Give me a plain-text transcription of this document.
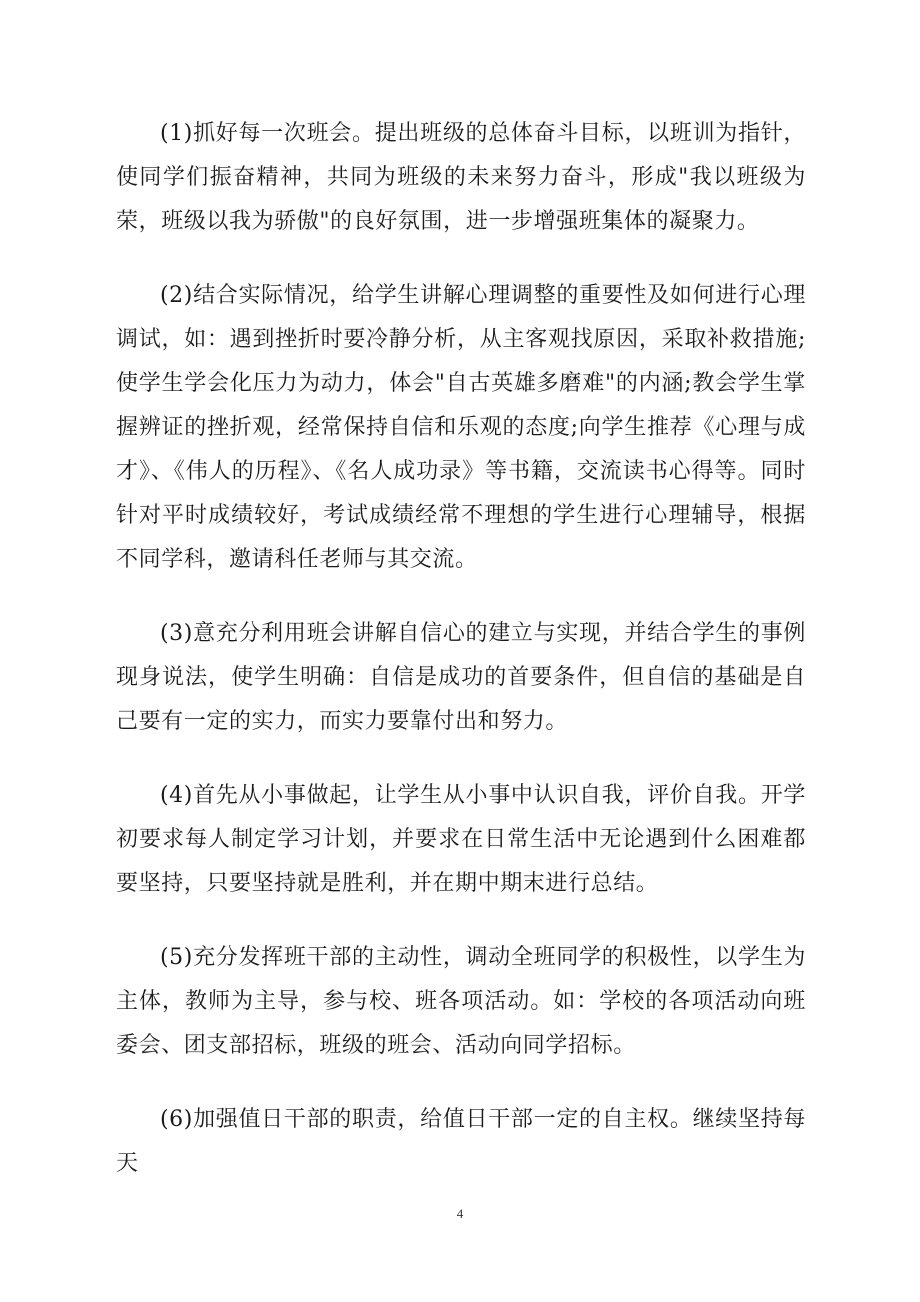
(1)抓好每一次班会。提出班级的总体奋斗目标，以班训为指针，使同学们振奋精神，共同为班级的未来努力奋斗，形成"我以班级为荣，班级以我为骄傲"的良好氛围，进一步增强班集体的凝聚力。

(2)结合实际情况，给学生讲解心理调整的重要性及如何进行心理调试，如：遇到挫折时要冷静分析，从主客观找原因，采取补救措施;使学生学会化压力为动力，体会"自古英雄多磨难"的内涵;教会学生掌握辨证的挫折观，经常保持自信和乐观的态度;向学生推荐《心理与成才》、《伟人的历程》、《名人成功录》等书籍，交流读书心得等。同时针对平时成绩较好，考试成绩经常不理想的学生进行心理辅导，根据不同学科，邀请科任老师与其交流。

(3)意充分利用班会讲解自信心的建立与实现，并结合学生的事例现身说法，使学生明确：自信是成功的首要条件，但自信的基础是自己要有一定的实力，而实力要靠付出和努力。

(4)首先从小事做起，让学生从小事中认识自我，评价自我。开学初要求每人制定学习计划，并要求在日常生活中无论遇到什么困难都要坚持，只要坚持就是胜利，并在期中期末进行总结。

(5)充分发挥班干部的主动性，调动全班同学的积极性，以学生为主体，教师为主导，参与校、班各项活动。如：学校的各项活动向班委会、团支部招标，班级的班会、活动向同学招标。

(6)加强值日干部的职责，给值日干部一定的自主权。继续坚持每天

4
